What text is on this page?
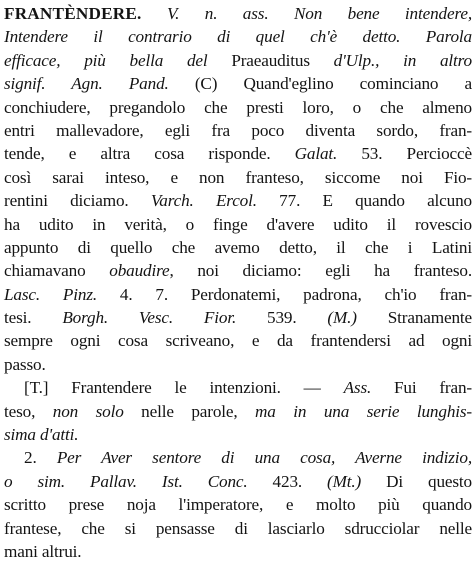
FRANTÈNDERE. V. n. ass. Non bene intendere,
Intendere il contrario di quel ch'è detto. Parola
efficace, più bella del Praeauditus d'Ulp., in altro
signif. Agn. Pand. (C) Quand'eglino cominciano a
conchiudere, pregandolo che presti loro, o che almeno
entri mallevadore, egli fra poco diventa sordo, fran-
tende, e altra cosa risponde. Galat. 53. Percioccè
così sarai inteso, e non franteso, siccome noi Fio-
rentini diciamo. Varch. Ercol. 77. E quando alcuno
ha udito in verità, o finge d'avere udito il rovescio
appunto di quello che avemo detto, il che i Latini
chiamavano obaudire, noi diciamo: egli ha franteso.
Lasc. Pinz. 4. 7. Perdonatemi, padrona, ch'io fran-
tesi. Borgh. Vesc. Fior. 539. (M.) Stranamente
sempre ogni cosa scriveano, e da frantendersi ad ogni
passo.
[T.] Frantendere le intenzioni. — Ass. Fui fran-
teso, non solo nelle parole, ma in una serie lunghis-
sima d'atti.
2. Per Aver sentore di una cosa, Averne indizio,
o sim. Pallav. Ist. Conc. 423. (Mt.) Di questo
scritto prese noja l'imperatore, e molto più quando
frantese, che si pensasse di lasciarlo sdrucciolar nelle
mani altrui.
